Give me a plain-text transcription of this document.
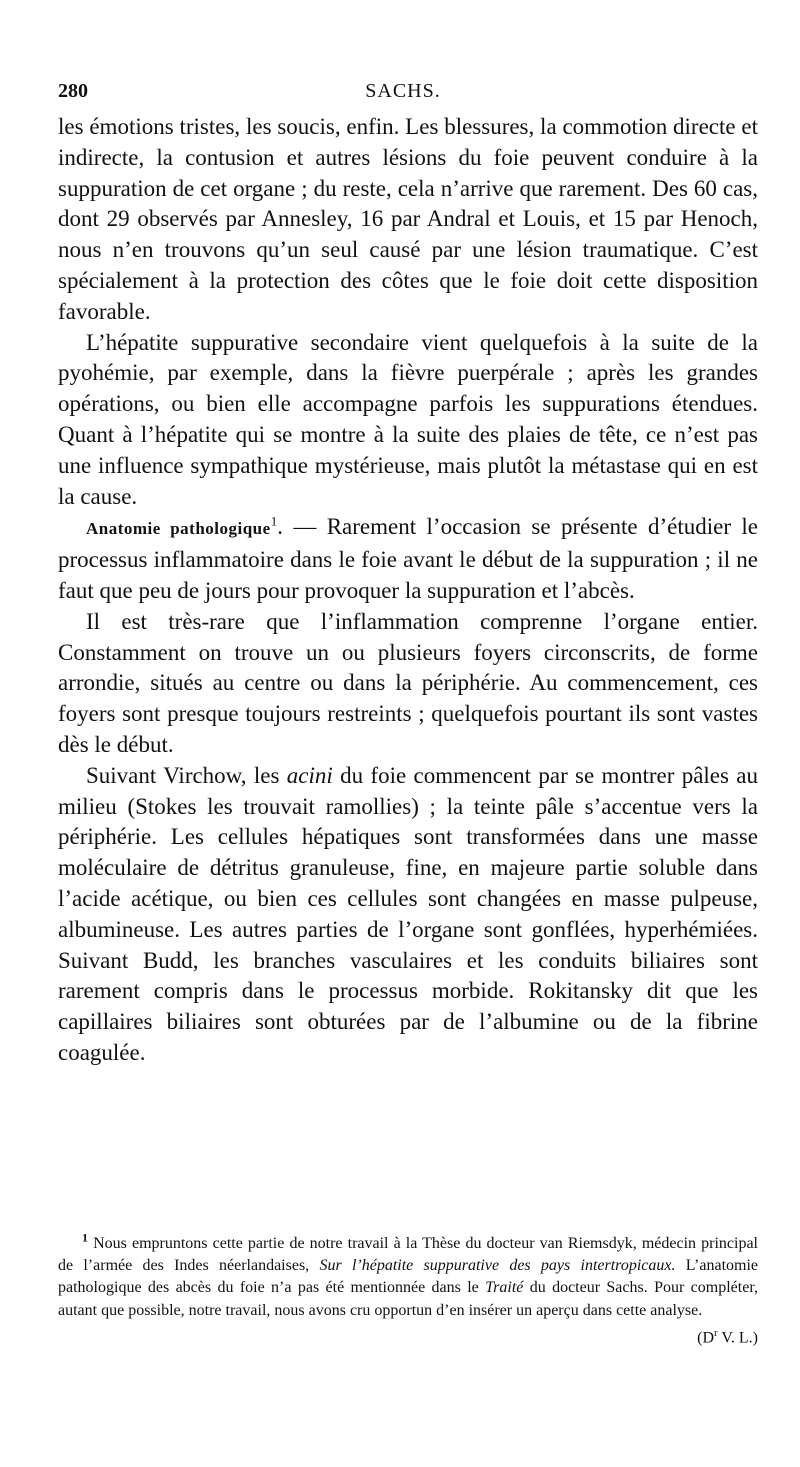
280	SACHS.

les émotions tristes, les soucis, enfin. Les blessures, la commotion directe et indirecte, la contusion et autres lésions du foie peuvent conduire à la suppuration de cet organe ; du reste, cela n’arrive que rarement. Des 60 cas, dont 29 observés par Annesley, 16 par Andral et Louis, et 15 par Henoch, nous n’en trouvons qu’un seul causé par une lésion traumatique. C’est spécialement à la protection des côtes que le foie doit cette disposition favorable.

L’hépatite suppurative secondaire vient quelquefois à la suite de la pyohémie, par exemple, dans la fièvre puerpérale ; après les grandes opérations, ou bien elle accompagne parfois les suppurations étendues. Quant à l’hépatite qui se montre à la suite des plaies de tête, ce n’est pas une influence sympathique mystérieuse, mais plutôt la métastase qui en est la cause.

Anatomie pathologique$^1$. — Rarement l’occasion se présente d’étudier le processus inflammatoire dans le foie avant le début de la suppuration ; il ne faut que peu de jours pour provoquer la suppuration et l’abcès.

Il est très-rare que l’inflammation comprenne l’organe entier. Constamment on trouve un ou plusieurs foyers circonscrits, de forme arrondie, situés au centre ou dans la périphérie. Au commencement, ces foyers sont presque toujours restreints ; quelquefois pourtant ils sont vastes dès le début.

Suivant Virchow, les acini du foie commencent par se montrer pâles au milieu (Stokes les trouvait ramollies) ; la teinte pâle s’accentue vers la périphérie. Les cellules hépatiques sont transformées dans une masse moléculaire de détritus granuleuse, fine, en majeure partie soluble dans l’acide acétique, ou bien ces cellules sont changées en masse pulpeuse, albumineuse. Les autres parties de l’organe sont gonflées, hyperhémiées. Suivant Budd, les branches vasculaires et les conduits biliaires sont rarement compris dans le processus morbide. Rokitansky dit que les capillaires biliaires sont obturées par de l’albumine ou de la fibrine coagulée.

$^1$ Nous empruntons cette partie de notre travail à la Thèse du docteur van Riemsdyk, médecin principal de l’armée des Indes néerlandaises, Sur l’hépatite suppurative des pays intertropicaux. L’anatomie pathologique des abcès du foie n’a pas été mentionnée dans le Traité du docteur Sachs. Pour compléter, autant que possible, notre travail, nous avons cru opportun d’en insérer un aperçu dans cette analyse.
($D^r$ V. L.)
